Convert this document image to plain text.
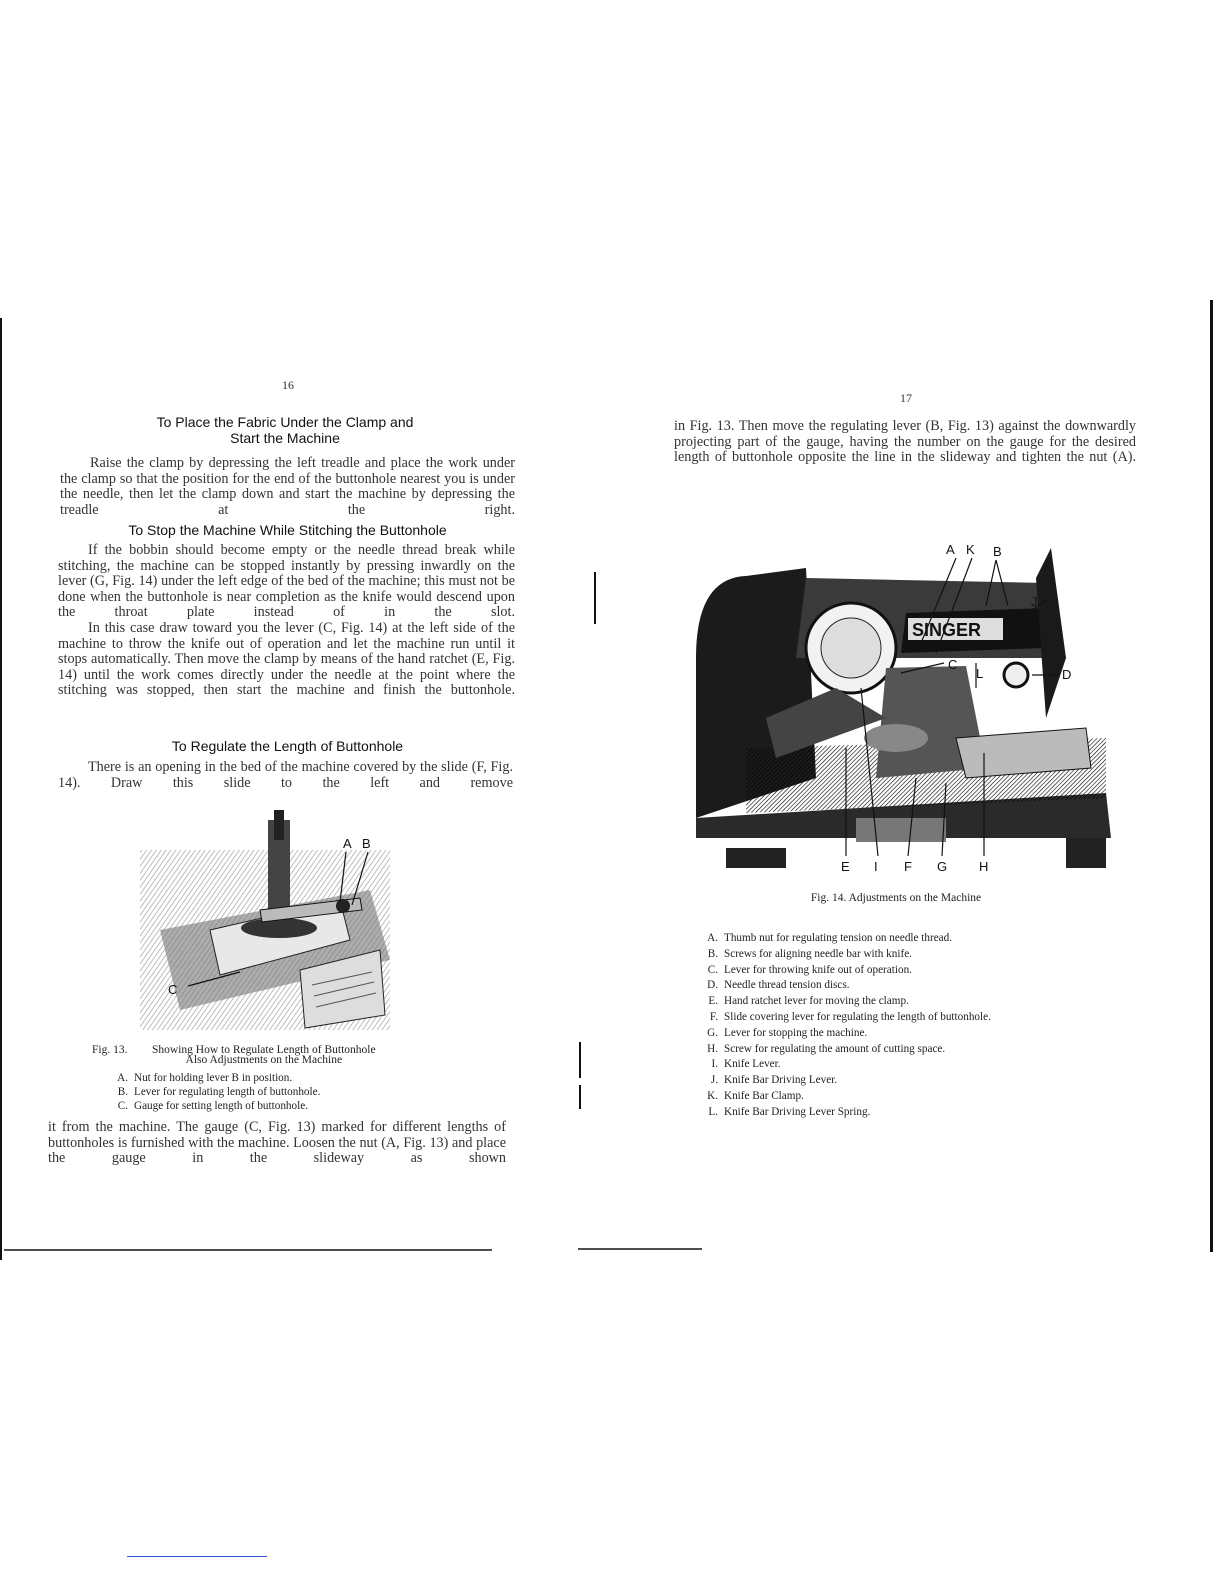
16

To Place the Fabric Under the Clamp and

Start the Machine

Raise the clamp by depressing the left treadle and place the work under the clamp so that the position for the end of the buttonhole nearest you is under the needle, then let the clamp down and start the machine by depressing the treadle at the right.

To Stop the Machine While Stitching the Buttonhole

If the bobbin should become empty or the needle thread break while stitching, the machine can be stopped instantly by pressing inwardly on the lever (G, Fig. 14) under the left edge of the bed of the machine; this must not be done when the buttonhole is near completion as the knife would descend upon the throat plate instead of in the slot.

In this case draw toward you the lever (C, Fig. 14) at the left side of the machine to throw the knife out of operation and let the machine run until it stops automatically. Then move the clamp by means of the hand ratchet (E, Fig. 14) until the work comes directly under the needle at the point where the stitching was stopped, then start the machine and finish the buttonhole.

To Regulate the Length of Buttonhole

There is an opening in the bed of the machine covered by the slide (F, Fig. 14). Draw this slide to the left and remove

A B
C
Fig. 13.	Showing How to Regulate Length of Buttonhole
Also Adjustments on the Machine
A. Nut for holding lever B in position.
B. Lever for regulating length of buttonhole.
C. Gauge for setting length of buttonhole.

it from the machine. The gauge (C, Fig. 13) marked for different lengths of buttonholes is furnished with the machine. Loosen the nut (A, Fig. 13) and place the gauge in the slideway as shown

17

in Fig. 13. Then move the regulating lever (B, Fig. 13) against the downwardly projecting part of the gauge, having the number on the gauge for the desired length of buttonhole opposite the line in the slideway and tighten the nut (A).

SINGER
A K B
J
C
L	D
E I F G H
Fig. 14. Adjustments on the Machine
A. Thumb nut for regulating tension on needle thread.
B. Screws for aligning needle bar with knife.
C. Lever for throwing knife out of operation.
D. Needle thread tension discs.
E. Hand ratchet lever for moving the clamp.
F. Slide covering lever for regulating the length of buttonhole.
G. Lever for stopping the machine.
H. Screw for regulating the amount of cutting space.
I. Knife Lever.
J. Knife Bar Driving Lever.
K. Knife Bar Clamp.
L. Knife Bar Driving Lever Spring.
